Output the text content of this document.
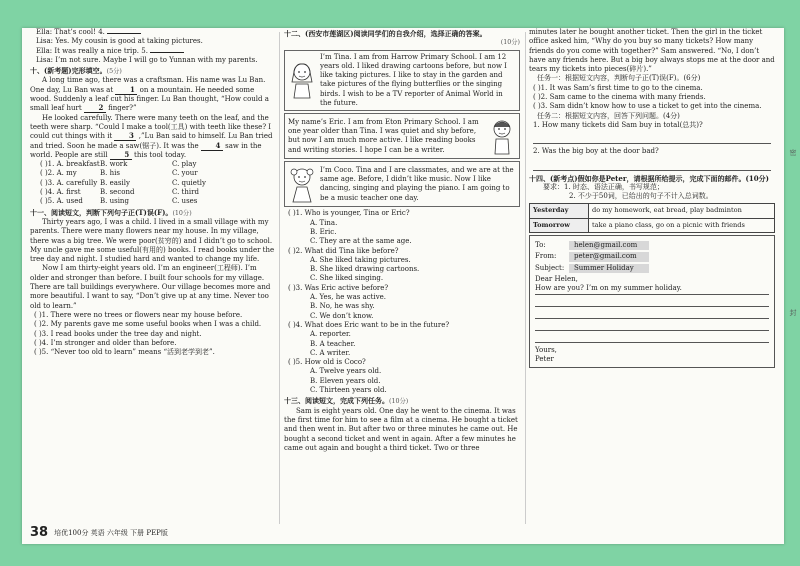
Ella: That’s cool! 4.

Lisa: Yes. My cousin is good at taking pictures.

Ella: It was really a nice trip. 5.

Lisa: I’m not sure. Maybe I will go to Yunnan with my parents.

十、(新考题)完形填空。(5分)

A long time ago, there was a craftsman. His name was Lu Ban. One day, Lu Ban was at 1 on a mountain. He needed some wood. Suddenly a leaf cut his finger. Lu Ban thought, “How could a small leaf hurt 2 finger?”

He looked carefully. There were many teeth on the leaf, and the teeth were sharp. “Could I make a tool(工具) with teeth like these? I could cut things with it 3 ,”Lu Ban said to himself. Lu Ban tried and tried. Soon he made a saw(锯子). It was the 4 saw in the world. People are still 5 this tool today.

( )1. A. breakfast B. work	C. play
( )2. A. my	B. his	C. your
( )3. A. carefully B. easily	C. quietly
( )4. A. first	B. second	C. third
( )5. A. used	B. using	C. uses

十一、阅读短文，判断下列句子正(T)误(F)。(10分)

Thirty years ago, I was a child. I lived in a small village with my parents. There were many flowers near my house. In my village, there was a big tree. We were poor(贫穷的) and I didn’t go to school. My uncle gave me some useful(有用的) books. I read books under the tree day and night. I studied hard and wanted to change my life.

Now I am thirty-eight years old. I’m an engineer(工程师). I’m older and stronger than before. I built four schools for my village. There are tall buildings everywhere. Our village becomes more and more beautiful. I want to say, “Don’t give up at any time. Never too old to learn.”

( )1. There were no trees or flowers near my house before.

( )2. My parents gave me some useful books when I was a child.

( )3. I read books under the tree day and night.

( )4. I’m stronger and older than before.

( )5. “Never too old to learn” means “活到老学到老”.

十二、(西安市莲湖区)阅读同学们的自我介绍，选择正确的答案。

(10分)

I’m Tina. I am from Harrow Primary School. I am 12 years old. I liked drawing cartoons before, but now I like taking pictures. I like to stay in the garden and take pictures of the flying butterflies or the singing birds. I wish to be a TV reporter of Animal World in the future.
My name’s Eric. I am from Eton Primary School. I am one year older than Tina. I was quiet and shy before, but now I am much more active. I like reading books and writing stories. I hope I can be a writer.
I’m Coco. Tina and I are classmates, and we are at the same age. Before, I didn’t like music. Now I like dancing, singing and playing the piano. I am going to be a music teacher one day.

( )1. Who is younger, Tina or Eric?

A. Tina.

B. Eric.

C. They are at the same age.

( )2. What did Tina like before?

A. She liked taking pictures.

B. She liked drawing cartoons.

C. She liked singing.

( )3. Was Eric active before?

A. Yes, he was active.

B. No, he was shy.

C. We don’t know.

( )4. What does Eric want to be in the future?

A. reporter.

B. A teacher.

C. A writer.

( )5. How old is Coco?

A. Twelve years old.

B. Eleven years old.

C. Thirteen years old.

十三、阅读短文，完成下列任务。(10分)

Sam is eight years old. One day he went to the cinema. It was the first time for him to see a film at a cinema. He bought a ticket and then went in. But after two or three minutes he came out. He bought a second ticket and went in again. After a few minutes he came out again and bought a third ticket. Two or three

minutes later he bought another ticket. Then the girl in the ticket office asked him, “Why do you buy so many tickets? How many friends do you come with together?” Sam answered. “No, I don’t have any friends here. But a big boy always stops me at the door and tears my tickets into pieces(碎片).”

任务一：根据短文内容，判断句子正(T)误(F)。(6分)

( )1. It was Sam’s first time to go to the cinema.

( )2. Sam came to the cinema with many friends.

( )3. Sam didn’t know how to use a ticket to get into the cinema.

任务二：根据短文内容，回答下列问题。(4分)

1. How many tickets did Sam buy in total(总共)?

2. Was the big boy at the door bad?

十四、(新考点)假如你是Peter，请根据所给提示，完成下面的邮件。(10分)

要求：1. 时态、语法正确，书写规范；

2. 不少于50词，已给出的句子不计入总词数。

Yesterday	do my homework, eat bread, play badminton
Tomorrow	take a piano class, go on a picnic with friends
To:	helen@gmail.com
From:	peter@gmail.com
Subject:	Summer Holiday

Dear Helen,

How are you? I’m on my summer holiday.

Yours,

Peter

密
封
38 培优100分 英语 六年级 下册 PEP版
